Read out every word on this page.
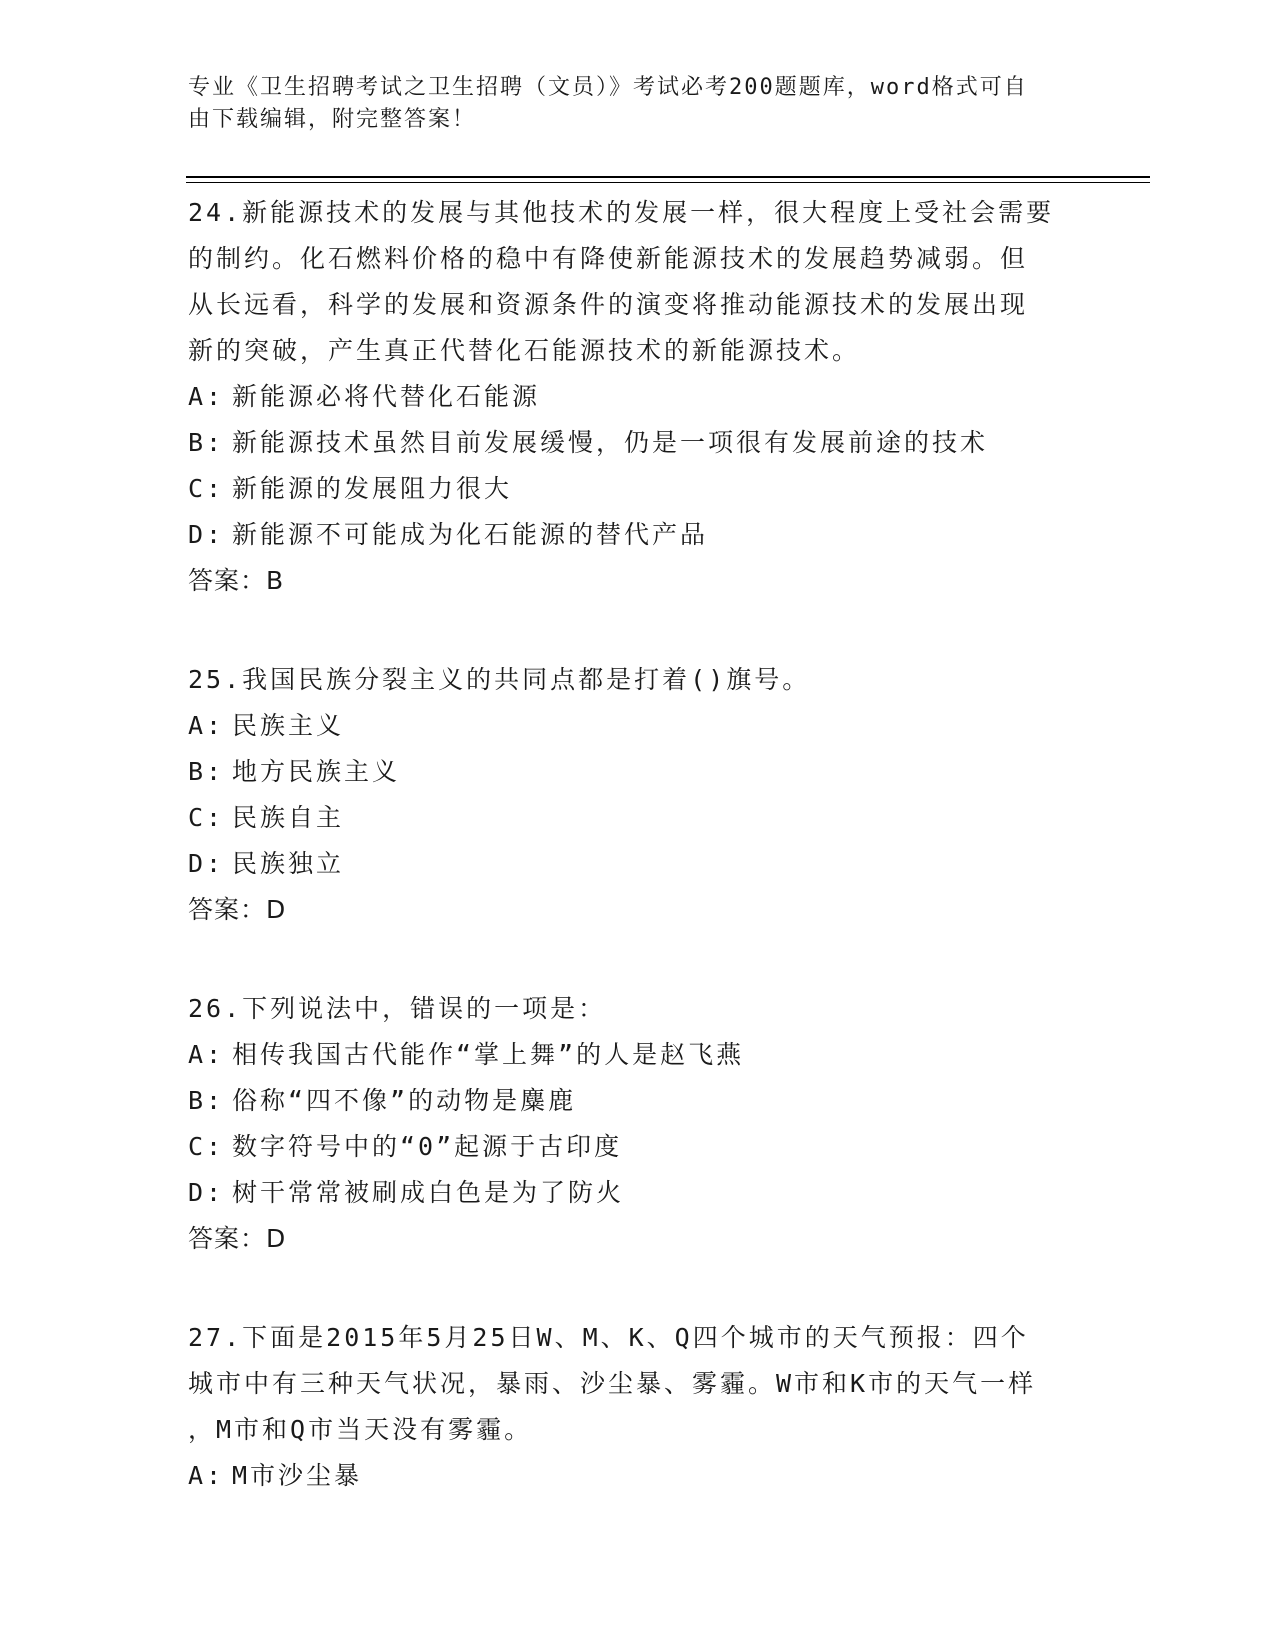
专业《卫生招聘考试之卫生招聘（文员）》考试必考200题题库，word格式可自
由下载编辑，附完整答案！
24.新能源技术的发展与其他技术的发展一样，很大程度上受社会需要
的制约。化石燃料价格的稳中有降使新能源技术的发展趋势减弱。但
从长远看，科学的发展和资源条件的演变将推动能源技术的发展出现
新的突破，产生真正代替化石能源技术的新能源技术。
A: 新能源必将代替化石能源
B: 新能源技术虽然目前发展缓慢，仍是一项很有发展前途的技术
C: 新能源的发展阻力很大
D: 新能源不可能成为化石能源的替代产品
答案：B
25.我国民族分裂主义的共同点都是打着()旗号。
A: 民族主义
B: 地方民族主义
C: 民族自主
D: 民族独立
答案：D
26.下列说法中，错误的一项是：
A: 相传我国古代能作“掌上舞”的人是赵飞燕
B: 俗称“四不像”的动物是麋鹿
C: 数字符号中的“0”起源于古印度
D: 树干常常被刷成白色是为了防火
答案：D
27.下面是2015年5月25日W、M、K、Q四个城市的天气预报：四个
城市中有三种天气状况，暴雨、沙尘暴、雾霾。W市和K市的天气一样
，M市和Q市当天没有雾霾。
A: M市沙尘暴
